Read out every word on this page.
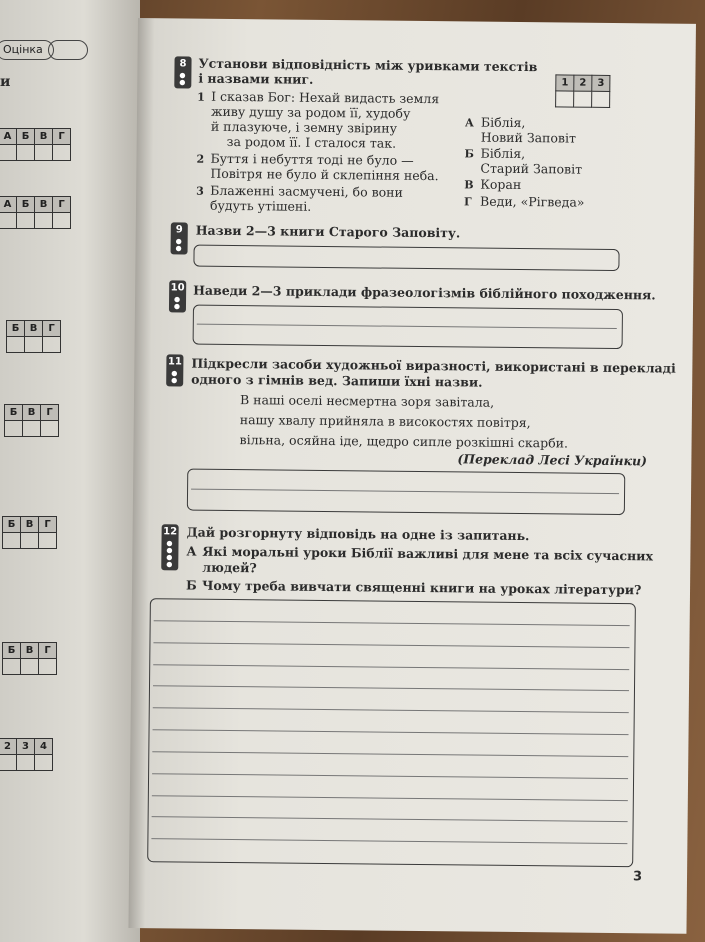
Оцінка
и
А	Б	В	Г

А	Б	В	Г

Б	В	Г

Б	В	Г

Б	В	Г

Б	В	Г

2	3	4

8
● ●
Установи відповідність між уривками текстів
і назвами книг.	1	2	3

1 І сказав Бог: Нехай видасть земля
живу душу за родом її, худобу
й плазуюче, і земну звірину
за родом її. І сталося так.
2 Буття і небуття тоді не було —
Повітря не було й склепіння неба.
3 Блаженні засмучені, бо вони
будуть утішені.
А Біблія,
Новий Заповіт
Б Біблія,
Старий Заповіт
В Коран
Г Веди, «Рігведа»
9
● ●
Назви 2—3 книги Старого Заповіту.
10
● ●
Наведи 2—3 приклади фразеологізмів біблійного походження.
11
● ●
Підкресли засоби художньої виразності, використані в перекладі
одного з гімнів вед. Запиши їхні назви.
В наші оселі несмертна зоря завітала,
нашу хвалу прийняла в високостях повітря,
вільна, осяйна іде, щедро сипле розкішні скарби.
(Переклад Лесі Українки)
12
● ●
● ●
Дай розгорнуту відповідь на одне із запитань.
А Які моральні уроки Біблії важливі для мене та всіх сучасних
людей?
Б Чому треба вивчати священні книги на уроках літератури?
3
